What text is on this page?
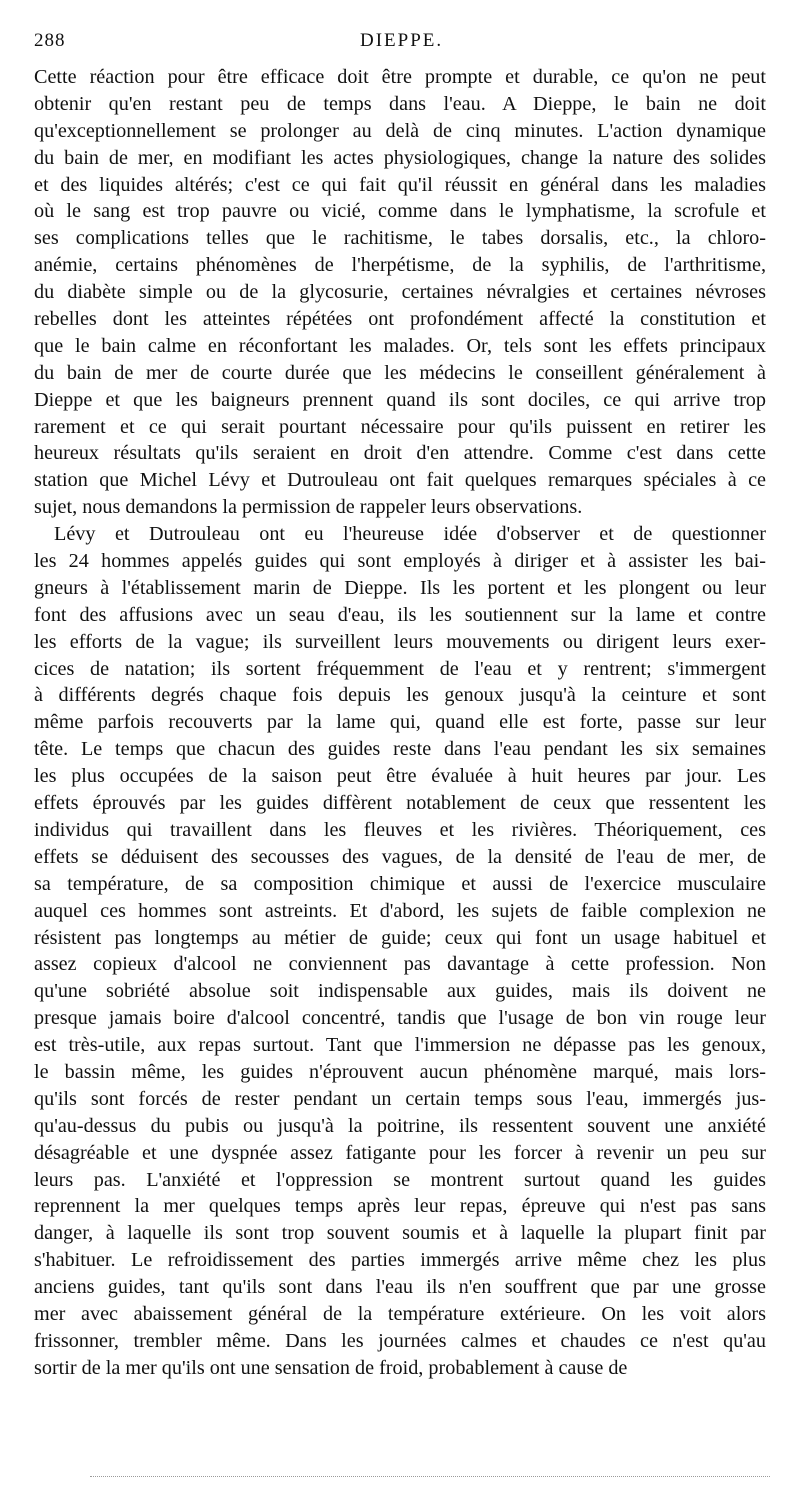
288	DIEPPE.
Cette réaction pour être efficace doit être prompte et durable, ce qu'on ne peut
obtenir qu'en restant peu de temps dans l'eau. A Dieppe, le bain ne doit
qu'exceptionnellement se prolonger au delà de cinq minutes. L'action dynamique
du bain de mer, en modifiant les actes physiologiques, change la nature des solides
et des liquides altérés; c'est ce qui fait qu'il réussit en général dans les maladies
où le sang est trop pauvre ou vicié, comme dans le lymphatisme, la scrofule et
ses complications telles que le rachitisme, le tabes dorsalis, etc., la chloro-
anémie, certains phénomènes de l'herpétisme, de la syphilis, de l'arthritisme,
du diabète simple ou de la glycosurie, certaines névralgies et certaines névroses
rebelles dont les atteintes répétées ont profondément affecté la constitution et
que le bain calme en réconfortant les malades. Or, tels sont les effets principaux
du bain de mer de courte durée que les médecins le conseillent généralement à
Dieppe et que les baigneurs prennent quand ils sont dociles, ce qui arrive trop
rarement et ce qui serait pourtant nécessaire pour qu'ils puissent en retirer les
heureux résultats qu'ils seraient en droit d'en attendre. Comme c'est dans cette
station que Michel Lévy et Dutrouleau ont fait quelques remarques spéciales à ce
sujet, nous demandons la permission de rappeler leurs observations.
Lévy et Dutrouleau ont eu l'heureuse idée d'observer et de questionner
les 24 hommes appelés guides qui sont employés à diriger et à assister les bai-
gneurs à l'établissement marin de Dieppe. Ils les portent et les plongent ou leur
font des affusions avec un seau d'eau, ils les soutiennent sur la lame et contre
les efforts de la vague; ils surveillent leurs mouvements ou dirigent leurs exer-
cices de natation; ils sortent fréquemment de l'eau et y rentrent; s'immergent
à différents degrés chaque fois depuis les genoux jusqu'à la ceinture et sont
même parfois recouverts par la lame qui, quand elle est forte, passe sur leur
tête. Le temps que chacun des guides reste dans l'eau pendant les six semaines
les plus occupées de la saison peut être évaluée à huit heures par jour. Les
effets éprouvés par les guides diffèrent notablement de ceux que ressentent les
individus qui travaillent dans les fleuves et les rivières. Théoriquement, ces
effets se déduisent des secousses des vagues, de la densité de l'eau de mer, de
sa température, de sa composition chimique et aussi de l'exercice musculaire
auquel ces hommes sont astreints. Et d'abord, les sujets de faible complexion ne
résistent pas longtemps au métier de guide; ceux qui font un usage habituel et
assez copieux d'alcool ne conviennent pas davantage à cette profession. Non
qu'une sobriété absolue soit indispensable aux guides, mais ils doivent ne
presque jamais boire d'alcool concentré, tandis que l'usage de bon vin rouge leur
est très-utile, aux repas surtout. Tant que l'immersion ne dépasse pas les genoux,
le bassin même, les guides n'éprouvent aucun phénomène marqué, mais lors-
qu'ils sont forcés de rester pendant un certain temps sous l'eau, immergés jus-
qu'au-dessus du pubis ou jusqu'à la poitrine, ils ressentent souvent une anxiété
désagréable et une dyspnée assez fatigante pour les forcer à revenir un peu sur
leurs pas. L'anxiété et l'oppression se montrent surtout quand les guides
reprennent la mer quelques temps après leur repas, épreuve qui n'est pas sans
danger, à laquelle ils sont trop souvent soumis et à laquelle la plupart finit par
s'habituer. Le refroidissement des parties immergés arrive même chez les plus
anciens guides, tant qu'ils sont dans l'eau ils n'en souffrent que par une grosse
mer avec abaissement général de la température extérieure. On les voit alors
frissonner, trembler même. Dans les journées calmes et chaudes ce n'est qu'au
sortir de la mer qu'ils ont une sensation de froid, probablement à cause de
